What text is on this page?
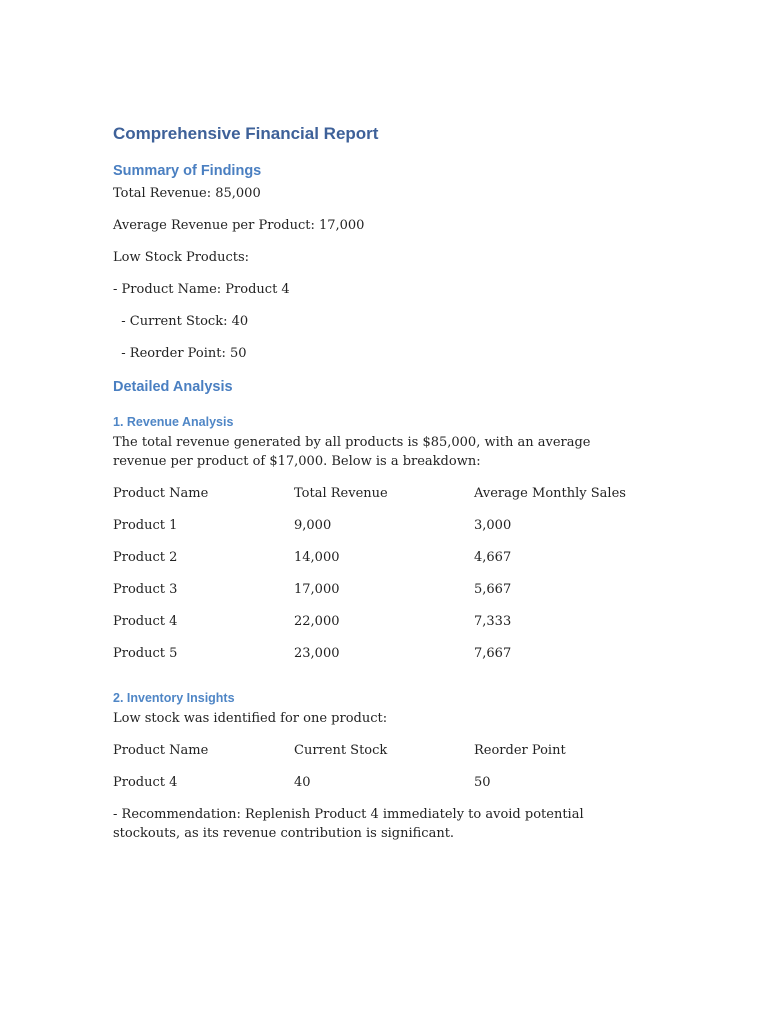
Comprehensive Financial Report
Summary of Findings
Total Revenue: 85,000
Average Revenue per Product: 17,000
Low Stock Products:
- Product Name: Product 4
- Current Stock: 40
- Reorder Point: 50
Detailed Analysis
1. Revenue Analysis
The total revenue generated by all products is $85,000, with an average revenue per product of $17,000. Below is a breakdown:
Product Name	Total Revenue	Average Monthly Sales
Product 1	9,000	3,000
Product 2	14,000	4,667
Product 3	17,000	5,667
Product 4	22,000	7,333
Product 5	23,000	7,667
2. Inventory Insights
Low stock was identified for one product:
Product Name	Current Stock	Reorder Point
Product 4	40	50
- Recommendation: Replenish Product 4 immediately to avoid potential stockouts, as its revenue contribution is significant.
